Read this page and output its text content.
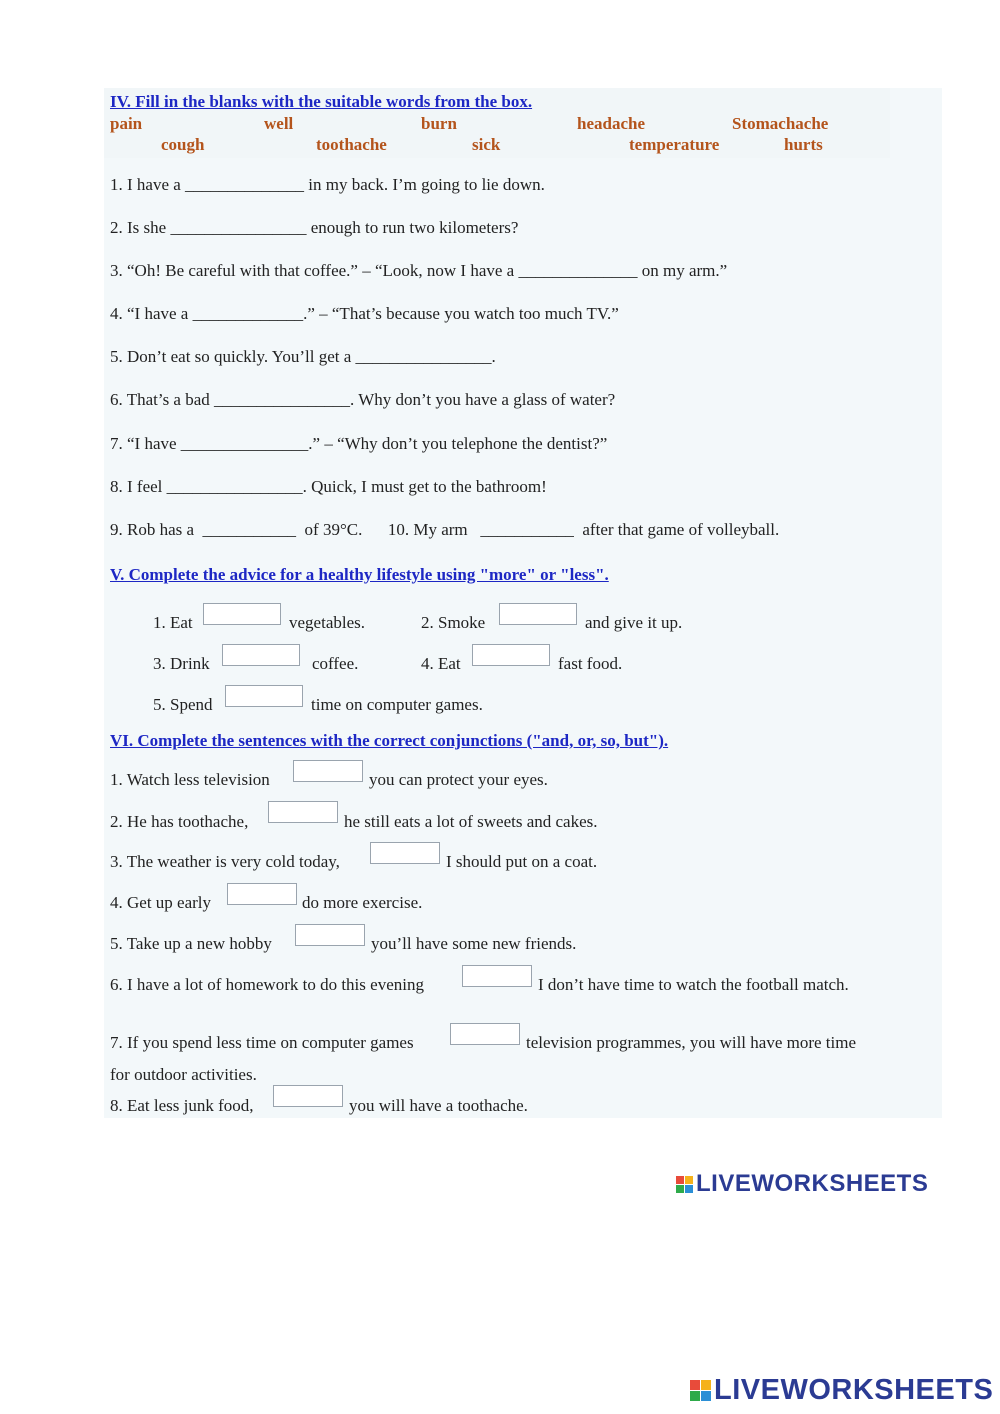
IV. Fill in the blanks with the suitable words from the box.
pain	well	burn	headache	Stomachache
cough	toothache	sick	temperature	hurts
1. I have a ______________ in my back. I’m going to lie down.
2. Is she ________________ enough to run two kilometers?
3. “Oh! Be careful with that coffee.” – “Look, now I have a ______________ on my arm.”
4. “I have a _____________.” – “That’s because you watch too much TV.”
5. Don’t eat so quickly. You’ll get a ________________.
6. That’s a bad ________________. Why don’t you have a glass of water?
7. “I have _______________.” – “Why don’t you telephone the dentist?”
8. I feel ________________. Quick, I must get to the bathroom!
9. Rob has a  ___________  of 39°C.      10. My arm   ___________  after that game of volleyball.
V. Complete the advice for a healthy lifestyle using "more" or "less".
1. Eat	vegetables.	2. Smoke	and give it up.
3. Drink	coffee.	4. Eat	fast food.
5. Spend	time on computer games.
VI. Complete the sentences with the correct conjunctions ("and, or, so, but").
1. Watch less television	you can protect your eyes.
2. He has toothache,	he still eats a lot of sweets and cakes.
3. The weather is very cold today,	I should put on a coat.
4. Get up early	do more exercise.
5. Take up a new hobby	you’ll have some new friends.
6. I have a lot of homework to do this evening	I don’t have time to watch the football match.
7. If you spend less time on computer games	television programmes, you will have more time
for outdoor activities.
8. Eat less junk food,	you will have a toothache.
LIVEWORKSHEETS
LIVEWORKSHEETS
